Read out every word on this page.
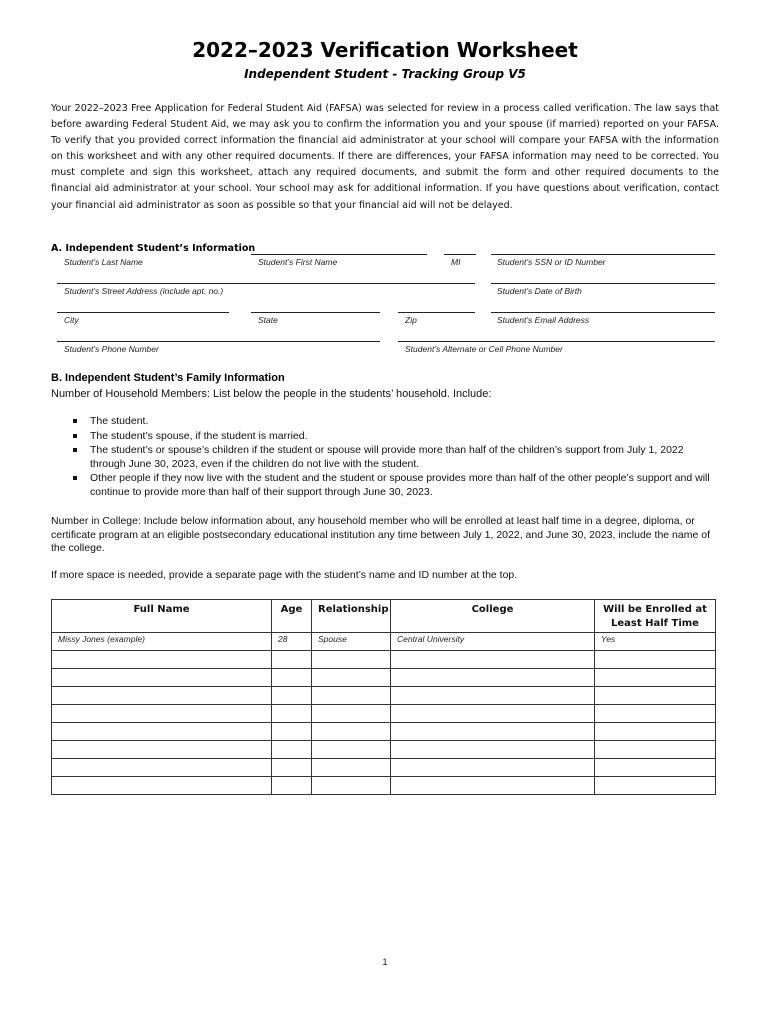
2022–2023 Verification Worksheet
Independent Student - Tracking Group V5
Your 2022–2023 Free Application for Federal Student Aid (FAFSA) was selected for review in a process called verification. The law says that before awarding Federal Student Aid, we may ask you to confirm the information you and your spouse (if married) reported on your FAFSA. To verify that you provided correct information the financial aid administrator at your school will compare your FAFSA with the information on this worksheet and with any other required documents. If there are differences, your FAFSA information may need to be corrected. You must complete and sign this worksheet, attach any required documents, and submit the form and other required documents to the financial aid administrator at your school. Your school may ask for additional information. If you have questions about verification, contact your financial aid administrator as soon as possible so that your financial aid will not be delayed.
A. Independent Student’s Information
Student’s Last Name	Student’s First Name	MI	Student’s SSN or ID Number
Student’s Street Address (include apt. no.)	Student’s Date of Birth
City	State	Zip	Student’s Email Address
Student’s Phone Number	Student’s Alternate or Cell Phone Number
B. Independent Student’s Family Information
Number of Household Members: List below the people in the students’ household. Include:
The student.
The student’s spouse, if the student is married.
The student’s or spouse’s children if the student or spouse will provide more than half of the children’s support from July 1, 2022 through June 30, 2023, even if the children do not live with the student.
Other people if they now live with the student and the student or spouse provides more than half of the other people’s support and will continue to provide more than half of their support through June 30, 2023.
Number in College: Include below information about, any household member who will be enrolled at least half time in a degree, diploma, or certificate program at an eligible postsecondary educational institution any time between July 1, 2022, and June 30, 2023, include the name of the college.
If more space is needed, provide a separate page with the student’s name and ID number at the top.
Full Name	Age	Relationship	College	Will be Enrolled at Least Half Time
Missy Jones (example)	28	Spouse	Central University	Yes

1
